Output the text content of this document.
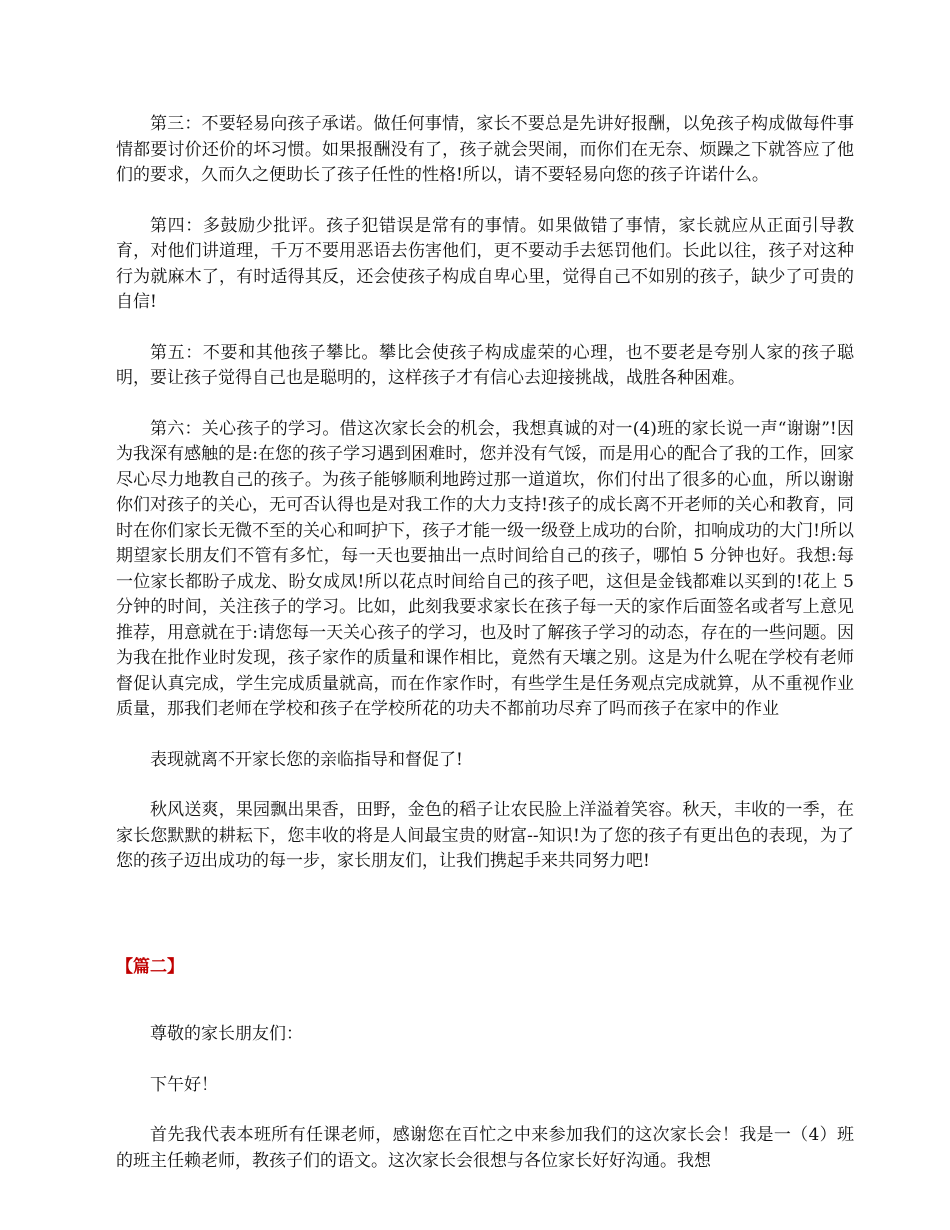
第三：不要轻易向孩子承诺。做任何事情，家长不要总是先讲好报酬，以免孩子构成做每件事情都要讨价还价的坏习惯。如果报酬没有了，孩子就会哭闹，而你们在无奈、烦躁之下就答应了他们的要求，久而久之便助长了孩子任性的性格!所以，请不要轻易向您的孩子许诺什么。

第四：多鼓励少批评。孩子犯错误是常有的事情。如果做错了事情，家长就应从正面引导教育，对他们讲道理，千万不要用恶语去伤害他们，更不要动手去惩罚他们。长此以往，孩子对这种行为就麻木了，有时适得其反，还会使孩子构成自卑心里，觉得自己不如别的孩子，缺少了可贵的自信!

第五：不要和其他孩子攀比。攀比会使孩子构成虚荣的心理，也不要老是夸别人家的孩子聪明，要让孩子觉得自己也是聪明的，这样孩子才有信心去迎接挑战，战胜各种困难。

第六：关心孩子的学习。借这次家长会的机会，我想真诚的对一(4)班的家长说一声“谢谢”!因为我深有感触的是:在您的孩子学习遇到困难时，您并没有气馁，而是用心的配合了我的工作，回家尽心尽力地教自己的孩子。为孩子能够顺利地跨过那一道道坎，你们付出了很多的心血，所以谢谢你们对孩子的关心，无可否认得也是对我工作的大力支持!孩子的成长离不开老师的关心和教育，同时在你们家长无微不至的关心和呵护下，孩子才能一级一级登上成功的台阶，扣响成功的大门!所以期望家长朋友们不管有多忙，每一天也要抽出一点时间给自己的孩子，哪怕 5 分钟也好。我想:每一位家长都盼子成龙、盼女成凤!所以花点时间给自己的孩子吧，这但是金钱都难以买到的!花上 5 分钟的时间，关注孩子的学习。比如，此刻我要求家长在孩子每一天的家作后面签名或者写上意见推荐，用意就在于:请您每一天关心孩子的学习，也及时了解孩子学习的动态，存在的一些问题。因为我在批作业时发现，孩子家作的质量和课作相比，竟然有天壤之别。这是为什么呢在学校有老师督促认真完成，学生完成质量就高，而在作家作时，有些学生是任务观点完成就算，从不重视作业质量，那我们老师在学校和孩子在学校所花的功夫不都前功尽弃了吗而孩子在家中的作业

表现就离不开家长您的亲临指导和督促了!

秋风送爽，果园飘出果香，田野，金色的稻子让农民脸上洋溢着笑容。秋天，丰收的一季，在家长您默默的耕耘下，您丰收的将是人间最宝贵的财富--知识!为了您的孩子有更出色的表现，为了您的孩子迈出成功的每一步，家长朋友们，让我们携起手来共同努力吧!

【篇二】

尊敬的家长朋友们：

下午好！

首先我代表本班所有任课老师，感谢您在百忙之中来参加我们的这次家长会！我是一（4）班的班主任赖老师，教孩子们的语文。这次家长会很想与各位家长好好沟通。我想
